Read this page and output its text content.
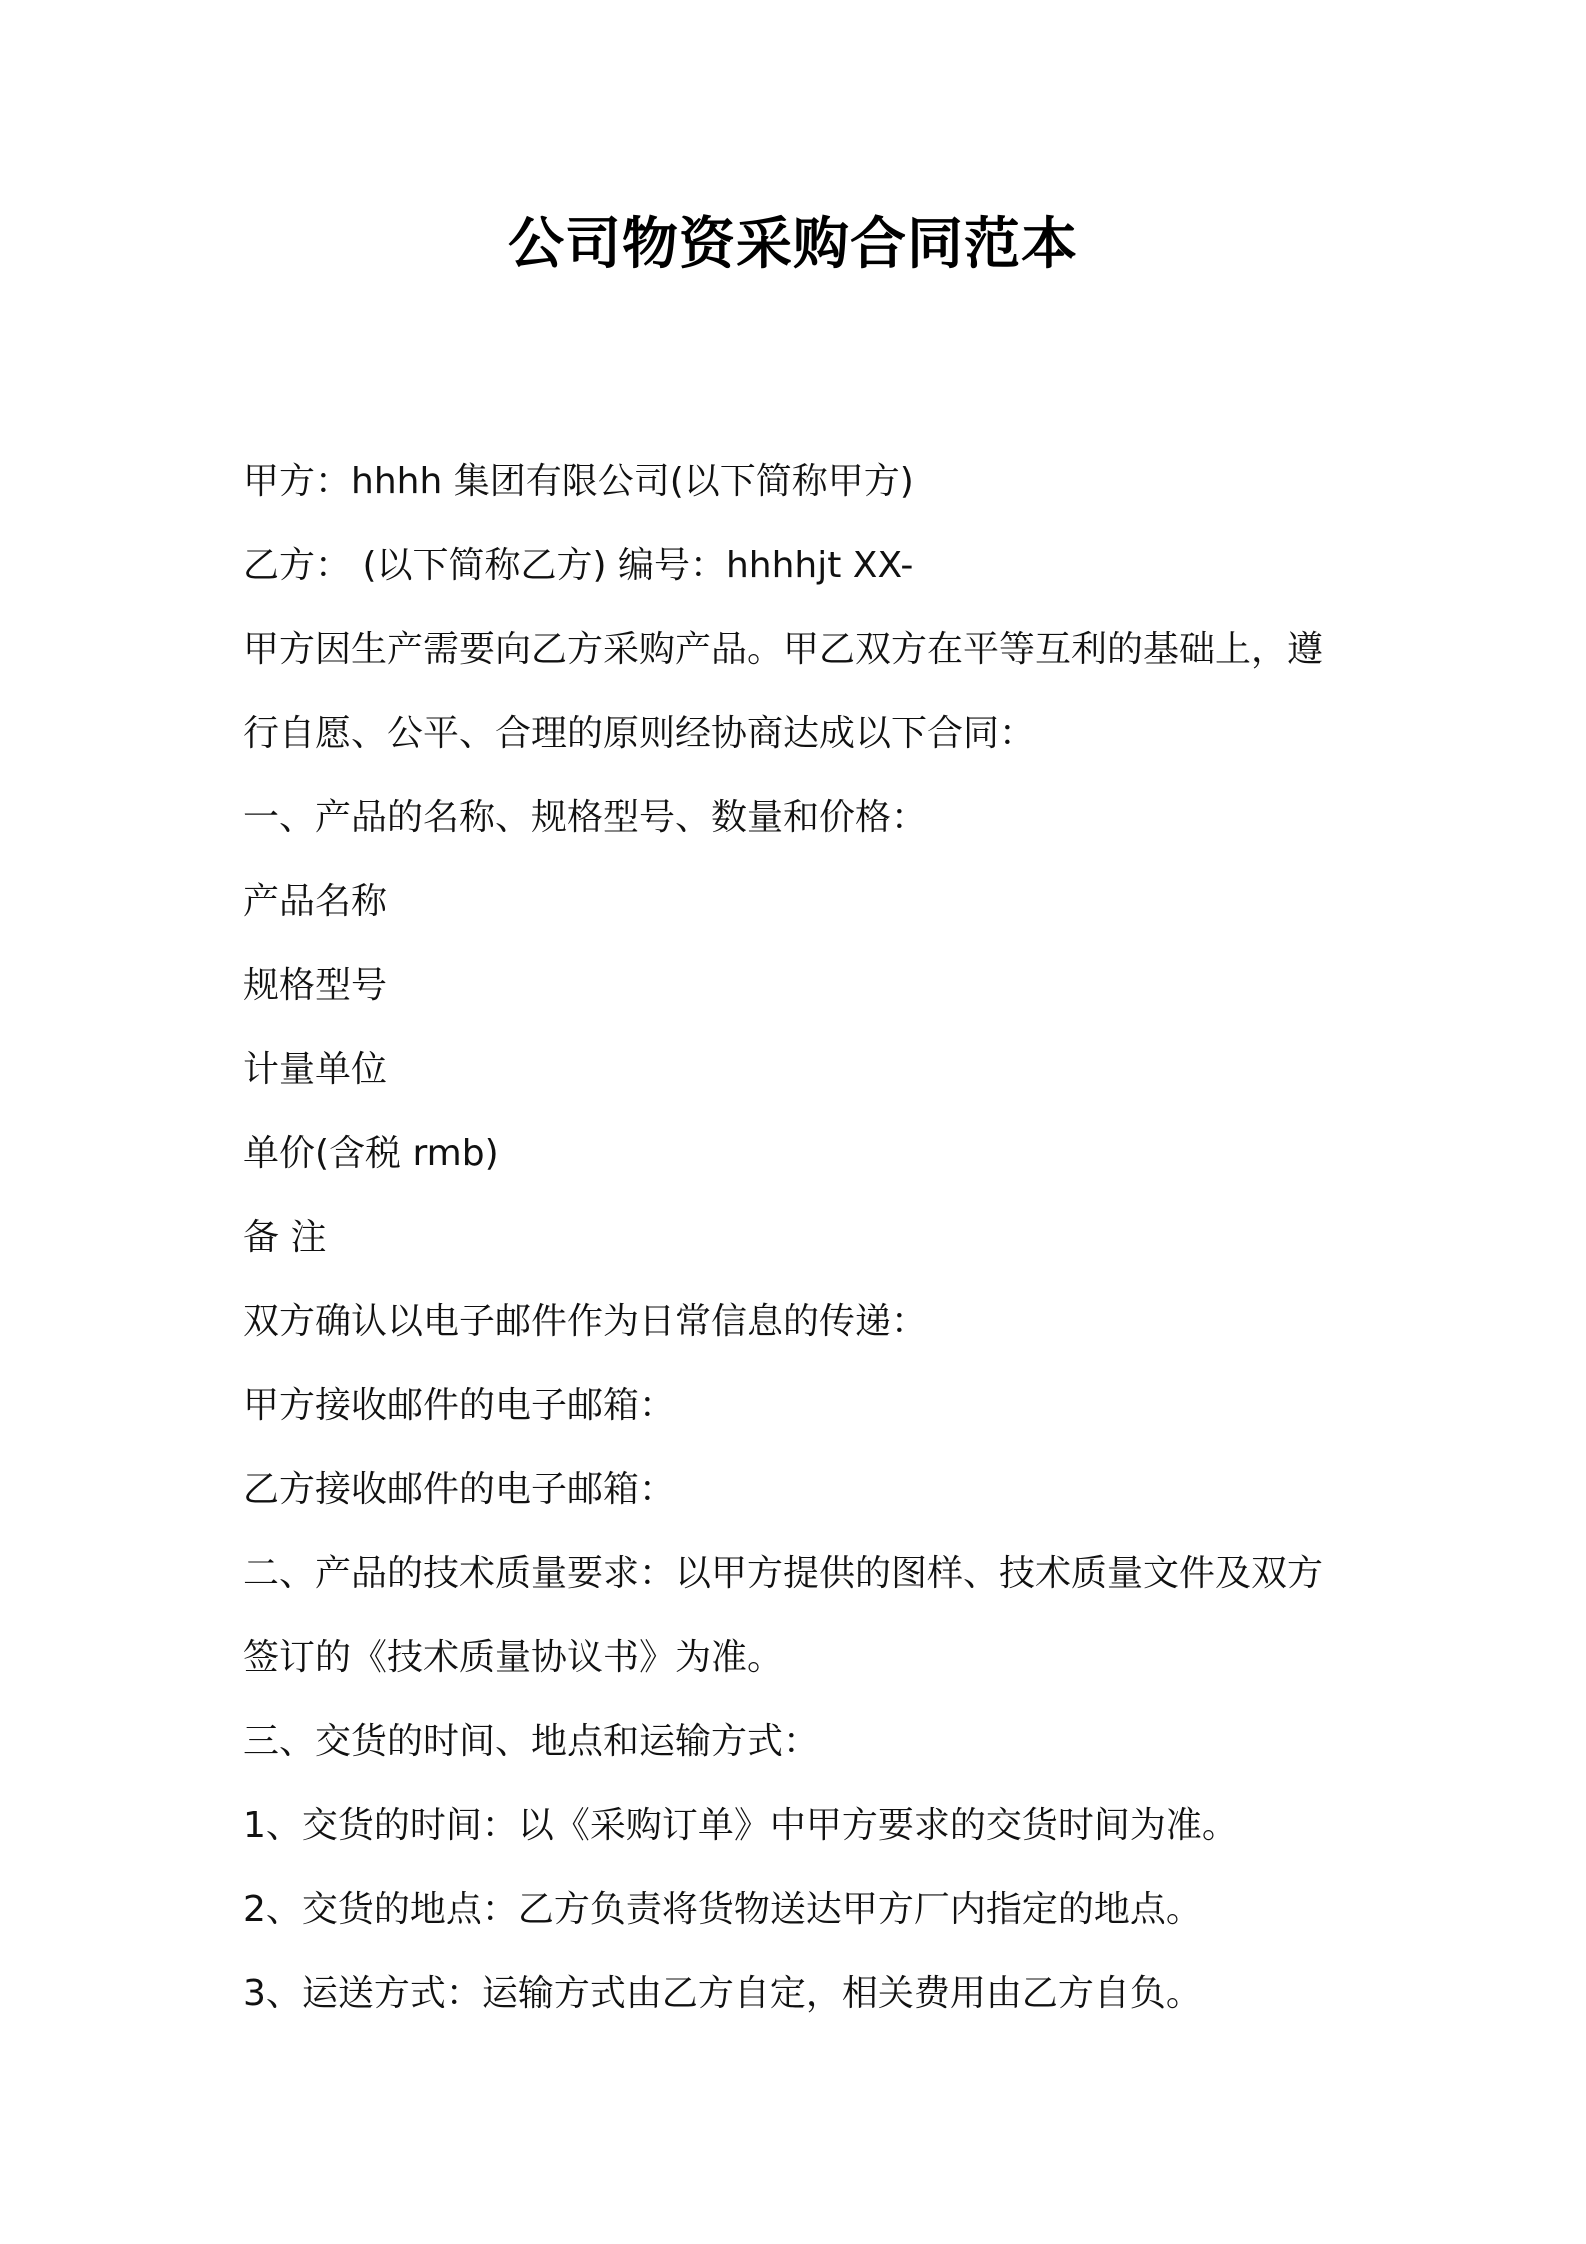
公司物资采购合同范本
甲方：hhhh 集团有限公司(以下简称甲方)
乙方： (以下简称乙方) 编号：hhhhjt XX-
甲方因生产需要向乙方采购产品。甲乙双方在平等互利的基础上，遵
行自愿、公平、合理的原则经协商达成以下合同：
一、产品的名称、规格型号、数量和价格：
产品名称
规格型号
计量单位
单价(含税 rmb)
备 注
双方确认以电子邮件作为日常信息的传递：
甲方接收邮件的电子邮箱：
乙方接收邮件的电子邮箱：
二、产品的技术质量要求：以甲方提供的图样、技术质量文件及双方
签订的《技术质量协议书》为准。
三、交货的时间、地点和运输方式：
1、交货的时间：以《采购订单》中甲方要求的交货时间为准。
2、交货的地点：乙方负责将货物送达甲方厂内指定的地点。
3、运送方式：运输方式由乙方自定，相关费用由乙方自负。
